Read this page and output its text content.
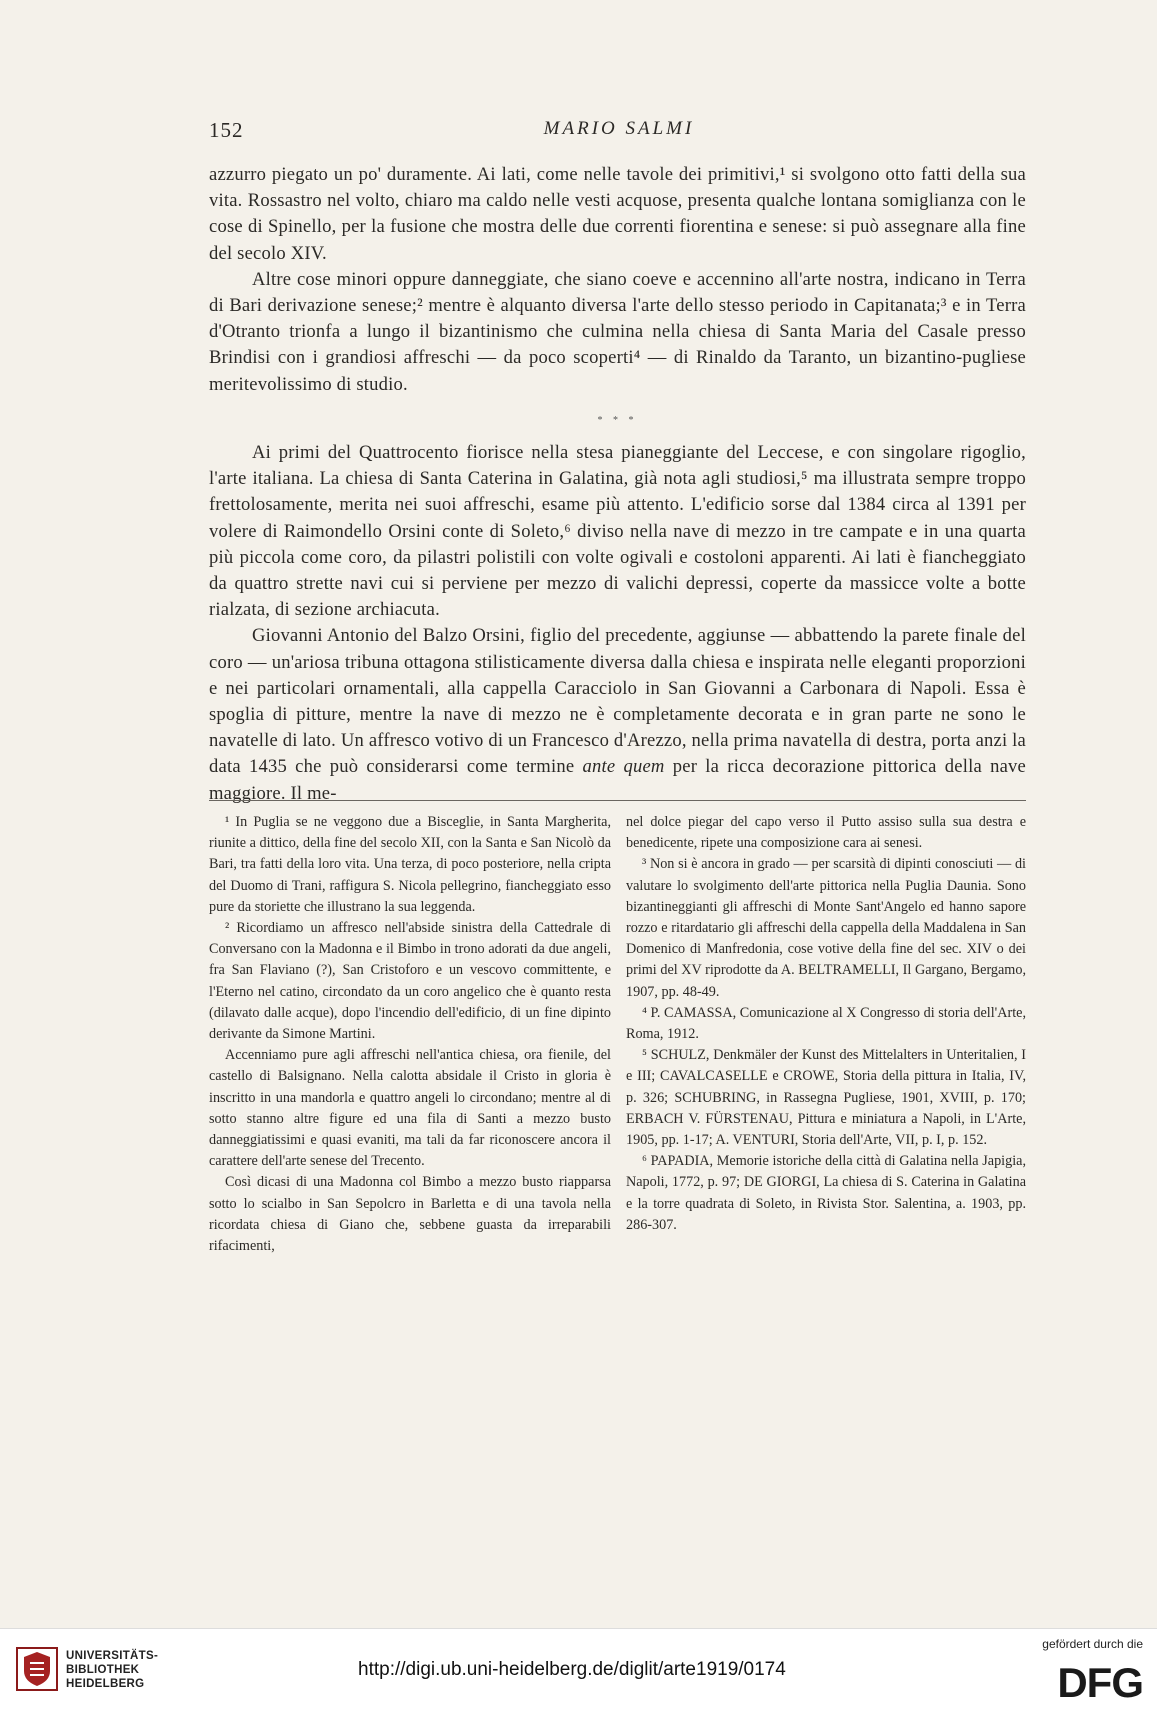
152	MARIO SALMI

azzurro piegato un po' duramente. Ai lati, come nelle tavole dei primitivi,¹ si svolgono otto fatti della sua vita. Rossastro nel volto, chiaro ma caldo nelle vesti acquose, presenta qualche lontana somiglianza con le cose di Spinello, per la fusione che mostra delle due correnti fiorentina e senese: si può assegnare alla fine del secolo XIV.

Altre cose minori oppure danneggiate, che siano coeve e accennino all'arte nostra, indicano in Terra di Bari derivazione senese;² mentre è alquanto diversa l'arte dello stesso periodo in Capitanata;³ e in Terra d'Otranto trionfa a lungo il bizantinismo che culmina nella chiesa di Santa Maria del Casale presso Brindisi con i grandiosi affreschi — da poco scoperti⁴ — di Rinaldo da Taranto, un bizantino-pugliese meritevolissimo di studio.

* * *

Ai primi del Quattrocento fiorisce nella stesa pianeggiante del Leccese, e con singolare rigoglio, l'arte italiana. La chiesa di Santa Caterina in Galatina, già nota agli studiosi,⁵ ma illustrata sempre troppo frettolosamente, merita nei suoi affreschi, esame più attento. L'edificio sorse dal 1384 circa al 1391 per volere di Raimondello Orsini conte di Soleto,⁶ diviso nella nave di mezzo in tre campate e in una quarta più piccola come coro, da pilastri polistili con volte ogivali e costoloni apparenti. Ai lati è fiancheggiato da quattro strette navi cui si perviene per mezzo di valichi depressi, coperte da massicce volte a botte rialzata, di sezione archiacuta.

Giovanni Antonio del Balzo Orsini, figlio del precedente, aggiunse — abbattendo la parete finale del coro — un'ariosa tribuna ottagona stilisticamente diversa dalla chiesa e inspirata nelle eleganti proporzioni e nei particolari ornamentali, alla cappella Caracciolo in San Giovanni a Carbonara di Napoli. Essa è spoglia di pitture, mentre la nave di mezzo ne è completamente decorata e in gran parte ne sono le navatelle di lato. Un affresco votivo di un Francesco d'Arezzo, nella prima navatella di destra, porta anzi la data 1435 che può considerarsi come termine ante quem per la ricca decorazione pittorica della nave maggiore. Il me-

¹ In Puglia se ne veggono due a Bisceglie, in Santa Margherita, riunite a dittico, della fine del secolo XII, con la Santa e San Nicolò da Bari, tra fatti della loro vita. Una terza, di poco posteriore, nella cripta del Duomo di Trani, raffigura S. Nicola pellegrino, fiancheggiato esso pure da storiette che illustrano la sua leggenda.

² Ricordiamo un affresco nell'abside sinistra della Cattedrale di Conversano con la Madonna e il Bimbo in trono adorati da due angeli, fra San Flaviano (?), San Cristoforo e un vescovo committente, e l'Eterno nel catino, circondato da un coro angelico che è quanto resta (dilavato dalle acque), dopo l'incendio dell'edificio, di un fine dipinto derivante da Simone Martini.

Accenniamo pure agli affreschi nell'antica chiesa, ora fienile, del castello di Balsignano. Nella calotta absidale il Cristo in gloria è inscritto in una mandorla e quattro angeli lo circondano; mentre al di sotto stanno altre figure ed una fila di Santi a mezzo busto danneggiatissimi e quasi evaniti, ma tali da far riconoscere ancora il carattere dell'arte senese del Trecento.

Così dicasi di una Madonna col Bimbo a mezzo busto riapparsa sotto lo scialbo in San Sepolcro in Barletta e di una tavola nella ricordata chiesa di Giano che, sebbene guasta da irreparabili rifacimenti,

nel dolce piegar del capo verso il Putto assiso sulla sua destra e benedicente, ripete una composizione cara ai senesi.

³ Non si è ancora in grado — per scarsità di dipinti conosciuti — di valutare lo svolgimento dell'arte pittorica nella Puglia Daunia. Sono bizantineggianti gli affreschi di Monte Sant'Angelo ed hanno sapore rozzo e ritardatario gli affreschi della cappella della Maddalena in San Domenico di Manfredonia, cose votive della fine del sec. XIV o dei primi del XV riprodotte da A. BELTRAMELLI, Il Gargano, Bergamo, 1907, pp. 48-49.

⁴ P. CAMASSA, Comunicazione al X Congresso di storia dell'Arte, Roma, 1912.

⁵ SCHULZ, Denkmäler der Kunst des Mittelalters in Unteritalien, I e III; CAVALCASELLE e CROWE, Storia della pittura in Italia, IV, p. 326; SCHUBRING, in Rassegna Pugliese, 1901, XVIII, p. 170; ERBACH V. FÜRSTENAU, Pittura e miniatura a Napoli, in L'Arte, 1905, pp. 1-17; A. VENTURI, Storia dell'Arte, VII, p. I, p. 152.

⁶ PAPADIA, Memorie istoriche della città di Galatina nella Japigia, Napoli, 1772, p. 97; DE GIORGI, La chiesa di S. Caterina in Galatina e la torre quadrata di Soleto, in Rivista Stor. Salentina, a. 1903, pp. 286-307.

UNIVERSITÄTS-
BIBLIOTHEK
HEIDELBERG
http://digi.ub.uni-heidelberg.de/diglit/arte1919/0174
gefördert durch die
DFG
